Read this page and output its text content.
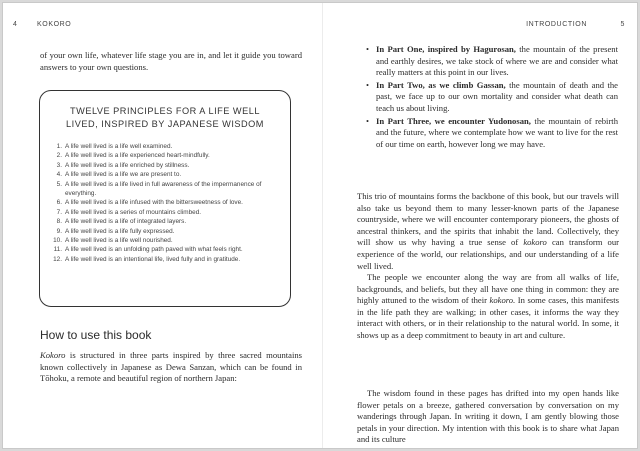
4	KOKORO

of your own life, whatever life stage you are in, and let it guide you toward answers to your own questions.

TWELVE PRINCIPLES FOR A LIFE WELL
LIVED, INSPIRED BY JAPANESE WISDOM
1. A life well lived is a life well examined.
2. A life well lived is a life experienced heart-mindfully.
3. A life well lived is a life enriched by stillness.
4. A life well lived is a life we are present to.
5. A life well lived is a life lived in full awareness of the impermanence of everything.
6. A life well lived is a life infused with the bittersweetness of love.
7. A life well lived is a series of mountains climbed.
8. A life well lived is a life of integrated layers.
9. A life well lived is a life fully expressed.
10. A life well lived is a life well nourished.
11. A life well lived is an unfolding path paved with what feels right.
12. A life well lived is an intentional life, lived fully and in gratitude.
How to use this book

Kokoro is structured in three parts inspired by three sacred mountains known collectively in Japanese as Dewa Sanzan, which can be found in Tōhoku, a remote and beautiful region of northern Japan:

INTRODUCTION	5
• In Part One, inspired by Hagurosan, the mountain of the present and earthly desires, we take stock of where we are and consider what really matters at this point in our lives.
• In Part Two, as we climb Gassan, the mountain of death and the past, we face up to our own mortality and consider what death can teach us about living.
• In Part Three, we encounter Yudonosan, the mountain of rebirth and the future, where we contemplate how we want to live for the rest of our time on earth, however long we may have.

This trio of mountains forms the backbone of this book, but our travels will also take us beyond them to many lesser-known parts of the Japanese countryside, where we will encounter contemporary pioneers, the ghosts of ancestral thinkers, and the spirits that inhabit the land. Collectively, they will show us why having a true sense of kokoro can transform our experience of the world, our relationships, and our understanding of a life well lived.

The people we encounter along the way are from all walks of life, backgrounds, and beliefs, but they all have one thing in common: they are highly attuned to the wisdom of their kokoro. In some cases, this manifests in the life path they are walking; in other cases, it informs the way they interact with others, or in their relationship to the natural world. In some, it shows up as a deep commitment to beauty in art and culture.

The wisdom found in these pages has drifted into my open hands like flower petals on a breeze, gathered conversation by conversation on my wanderings through Japan. In writing it down, I am gently blowing those petals in your direction. My intention with this book is to share what Japan and its culture
